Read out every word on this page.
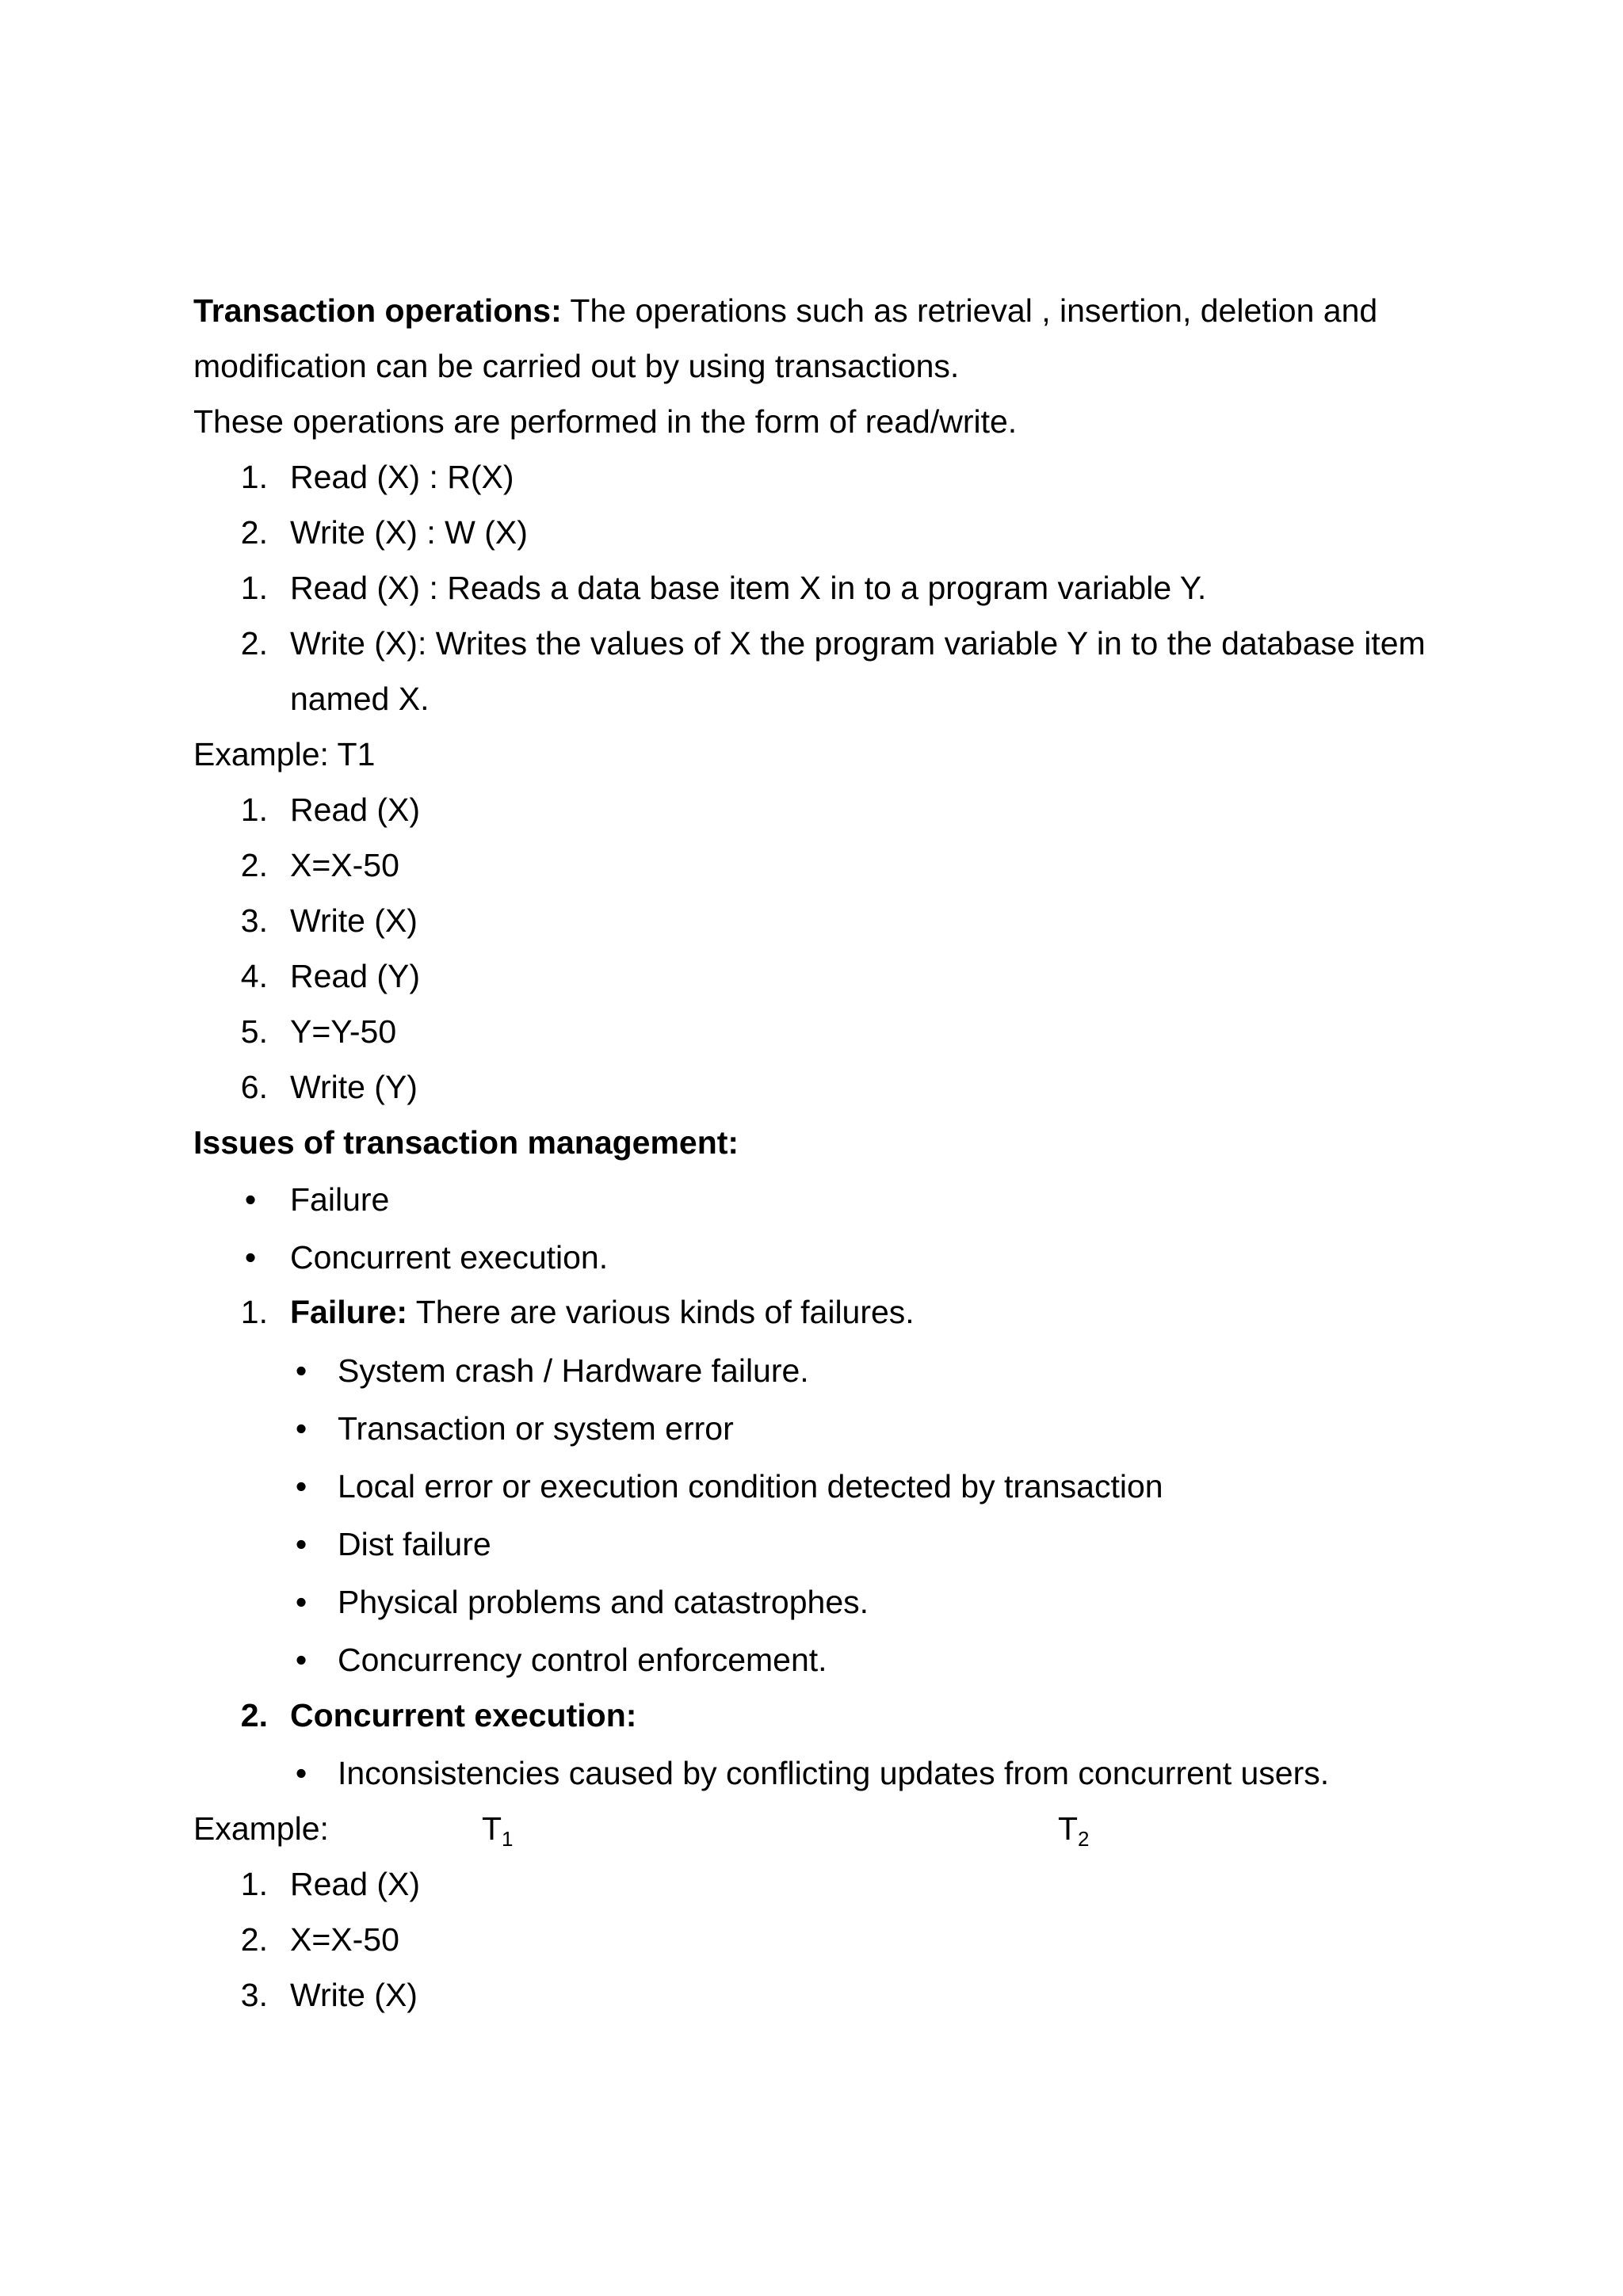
Transaction operations: The operations such as retrieval , insertion, deletion and
modification can be carried out by using transactions.
These operations are performed in the form of read/write.
1. Read (X) : R(X)
2. Write (X) : W (X)
1. Read (X) : Reads a data base item X in to a program variable Y.
2. Write (X): Writes the values of X the program variable Y in to the database item
named X.
Example: T1
1. Read (X)
2. X=X-50
3. Write (X)
4. Read (Y)
5. Y=Y-50
6. Write (Y)
Issues of transaction management:
• Failure
• Concurrent execution.
1. Failure: There are various kinds of failures.
• System crash / Hardware failure.
• Transaction or system error
• Local error or execution condition detected by transaction
• Dist failure
• Physical problems and catastrophes.
• Concurrency control enforcement.
2. Concurrent execution:
• Inconsistencies caused by conflicting updates from concurrent users.
Example:	$T_1$	$T_2$
1. Read (X)
2. X=X-50
3. Write (X)
